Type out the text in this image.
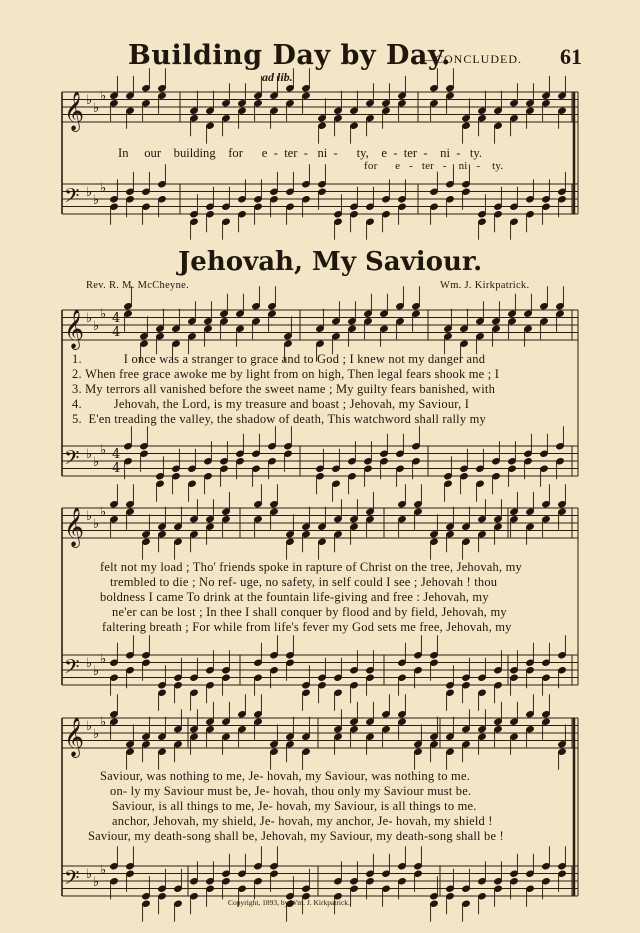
Building Day by Day.
—CONCLUDED. 61
ad lib.
𝄞 ♭
♭
♭
𝄢 ♭
♭
♭
𝄞 ♭
♭
♭
𝄢 ♭
♭
♭
𝄞 ♭
♭
♭
𝄢 ♭
♭
♭
𝄞 ♭
♭
♭
𝄢 ♭
♭
♭
4
4
4
4
In our building for e - ter - ni - ty, e - ter - ni - ty.
for e - ter - ni - ty.
Jehovah, My Saviour.
Rev. R. M. McCheyne.	Wm. J. Kirkpatrick.
1.	I once was a stranger to grace and to God ; I knew not my danger and
2. When free grace awoke me by light from on high, Then legal fears shook me ; I
3. My terrors all vanished before the sweet name ; My guilty fears banished, with
4.	Jehovah, the Lord, is my treasure and boast ; Jehovah, my Saviour, I
5. E'en treading the valley, the shadow of death, This watchword shall rally my
felt not my load ; Tho' friends spoke in rapture of Christ on the tree, Jehovah, my
trembled to die ; No ref- uge, no safety, in self could I see ; Jehovah ! thou
boldness I came To drink at the fountain life-giving and free : Jehovah, my
ne'er can be lost ; In thee I shall conquer by flood and by field, Jehovah, my
faltering breath ; For while from life's fever my God sets me free, Jehovah, my
Saviour, was nothing to me, Je- hovah, my Saviour, was nothing to me.
on- ly my Saviour must be, Je- hovah, thou only my Saviour must be.
Saviour, is all things to me, Je- hovah, my Saviour, is all things to me.
anchor, Jehovah, my shield, Je- hovah, my anchor, Je- hovah, my shield !
Saviour, my death-song shall be, Jehovah, my Saviour, my death-song shall be !
Copyright, 1893, by Wm. J. Kirkpatrick.
